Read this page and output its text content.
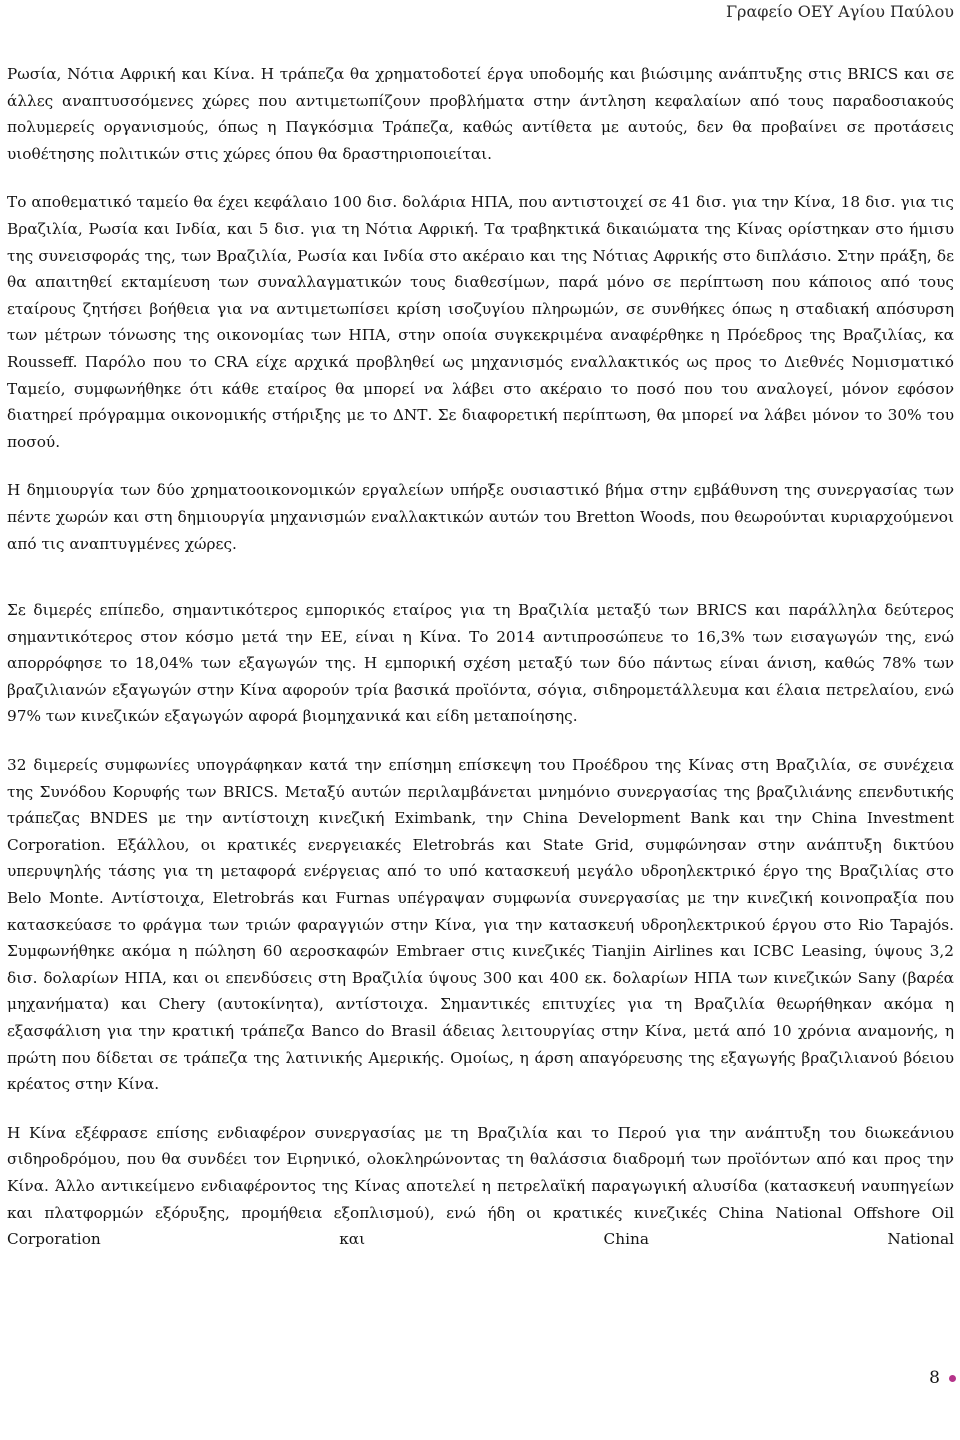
Γραφείο ΟΕΥ Αγίου Παύλου

Ρωσία, Νότια Αφρική και Κίνα. Η τράπεζα θα χρηματοδοτεί έργα υποδομής και βιώσιμης ανάπτυξης στις BRICS και σε άλλες αναπτυσσόμενες χώρες που αντιμετωπίζουν προβλήματα στην άντληση κεφαλαίων από τους παραδοσιακούς πολυμερείς οργανισμούς, όπως η Παγκόσμια Τράπεζα, καθώς αντίθετα με αυτούς, δεν θα προβαίνει σε προτάσεις υιοθέτησης πολιτικών στις χώρες όπου θα δραστηριοποιείται.

Το αποθεματικό ταμείο θα έχει κεφάλαιο 100 δισ. δολάρια ΗΠΑ, που αντιστοιχεί σε 41 δισ. για την Κίνα, 18 δισ. για τις Βραζιλία, Ρωσία και Ινδία, και 5 δισ. για τη Νότια Αφρική. Τα τραβηκτικά δικαιώματα της Κίνας ορίστηκαν στο ήμισυ της συνεισφοράς της, των Βραζιλία, Ρωσία και Ινδία στο ακέραιο και της Νότιας Αφρικής στο διπλάσιο. Στην πράξη, δε θα απαιτηθεί εκταμίευση των συναλλαγματικών τους διαθεσίμων, παρά μόνο σε περίπτωση που κάποιος από τους εταίρους ζητήσει βοήθεια για να αντιμετωπίσει κρίση ισοζυγίου πληρωμών, σε συνθήκες όπως η σταδιακή απόσυρση των μέτρων τόνωσης της οικονομίας των ΗΠΑ, στην οποία συγκεκριμένα αναφέρθηκε η Πρόεδρος της Βραζιλίας, κα Rousseff. Παρόλο που το CRA είχε αρχικά προβληθεί ως μηχανισμός εναλλακτικός ως προς το Διεθνές Νομισματικό Ταμείο, συμφωνήθηκε ότι κάθε εταίρος θα μπορεί να λάβει στο ακέραιο το ποσό που του αναλογεί, μόνον εφόσον διατηρεί πρόγραμμα οικονομικής στήριξης με το ΔΝΤ. Σε διαφορετική περίπτωση, θα μπορεί να λάβει μόνον το 30% του ποσού.

Η δημιουργία των δύο χρηματοοικονομικών εργαλείων υπήρξε ουσιαστικό βήμα στην εμβάθυνση της συνεργασίας των πέντε χωρών και στη δημιουργία μηχανισμών εναλλακτικών αυτών του Bretton Woods, που θεωρούνται κυριαρχούμενοι από τις αναπτυγμένες χώρες.

Σε διμερές επίπεδο, σημαντικότερος εμπορικός εταίρος για τη Βραζιλία μεταξύ των BRICS και παράλληλα δεύτερος σημαντικότερος στον κόσμο μετά την ΕΕ, είναι η Κίνα. Το 2014 αντιπροσώπευε το 16,3% των εισαγωγών της, ενώ απορρόφησε το 18,04% των εξαγωγών της. Η εμπορική σχέση μεταξύ των δύο πάντως είναι άνιση, καθώς 78% των βραζιλιανών εξαγωγών στην Κίνα αφορούν τρία βασικά προϊόντα, σόγια, σιδηρομετάλλευμα και έλαια πετρελαίου, ενώ 97% των κινεζικών εξαγωγών αφορά βιομηχανικά και είδη μεταποίησης.

32 διμερείς συμφωνίες υπογράφηκαν κατά την επίσημη επίσκεψη του Προέδρου της Κίνας στη Βραζιλία, σε συνέχεια της Συνόδου Κορυφής των BRICS. Μεταξύ αυτών περιλαμβάνεται μνημόνιο συνεργασίας της βραζιλιάνης επενδυτικής τράπεζας BNDES με την αντίστοιχη κινεζική Eximbank, την China Development Bank και την China Investment Corporation. Εξάλλου, οι κρατικές ενεργειακές Eletrobrás και State Grid, συμφώνησαν στην ανάπτυξη δικτύου υπερυψηλής τάσης για τη μεταφορά ενέργειας από το υπό κατασκευή μεγάλο υδροηλεκτρικό έργο της Βραζιλίας στο Belo Monte. Αντίστοιχα, Eletrobrás και Furnas υπέγραψαν συμφωνία συνεργασίας με την κινεζική κοινοπραξία που κατασκεύασε το φράγμα των τριών φαραγγιών στην Κίνα, για την κατασκευή υδροηλεκτρικού έργου στο Rio Tapajós. Συμφωνήθηκε ακόμα η πώληση 60 αεροσκαφών Embraer στις κινεζικές Tianjin Airlines και ICBC Leasing, ύψους 3,2 δισ. δολαρίων ΗΠΑ, και οι επενδύσεις στη Βραζιλία ύψους 300 και 400 εκ. δολαρίων ΗΠΑ των κινεζικών Sany (βαρέα μηχανήματα) και Chery (αυτοκίνητα), αντίστοιχα. Σημαντικές επιτυχίες για τη Βραζιλία θεωρήθηκαν ακόμα η εξασφάλιση για την κρατική τράπεζα Banco do Brasil άδειας λειτουργίας στην Κίνα, μετά από 10 χρόνια αναμονής, η πρώτη που δίδεται σε τράπεζα της λατινικής Αμερικής. Ομοίως, η άρση απαγόρευσης της εξαγωγής βραζιλιανού βόειου κρέατος στην Κίνα.

Η Κίνα εξέφρασε επίσης ενδιαφέρον συνεργασίας με τη Βραζιλία και το Περού για την ανάπτυξη του διωκεάνιου σιδηροδρόμου, που θα συνδέει τον Ειρηνικό, ολοκληρώνοντας τη θαλάσσια διαδρομή των προϊόντων από και προς την Κίνα. Άλλο αντικείμενο ενδιαφέροντος της Κίνας αποτελεί η πετρελαϊκή παραγωγική αλυσίδα (κατασκευή ναυπηγείων και πλατφορμών εξόρυξης, προμήθεια εξοπλισμού), ενώ ήδη οι κρατικές κινεζικές China National Offshore Oil Corporation και China National

8
